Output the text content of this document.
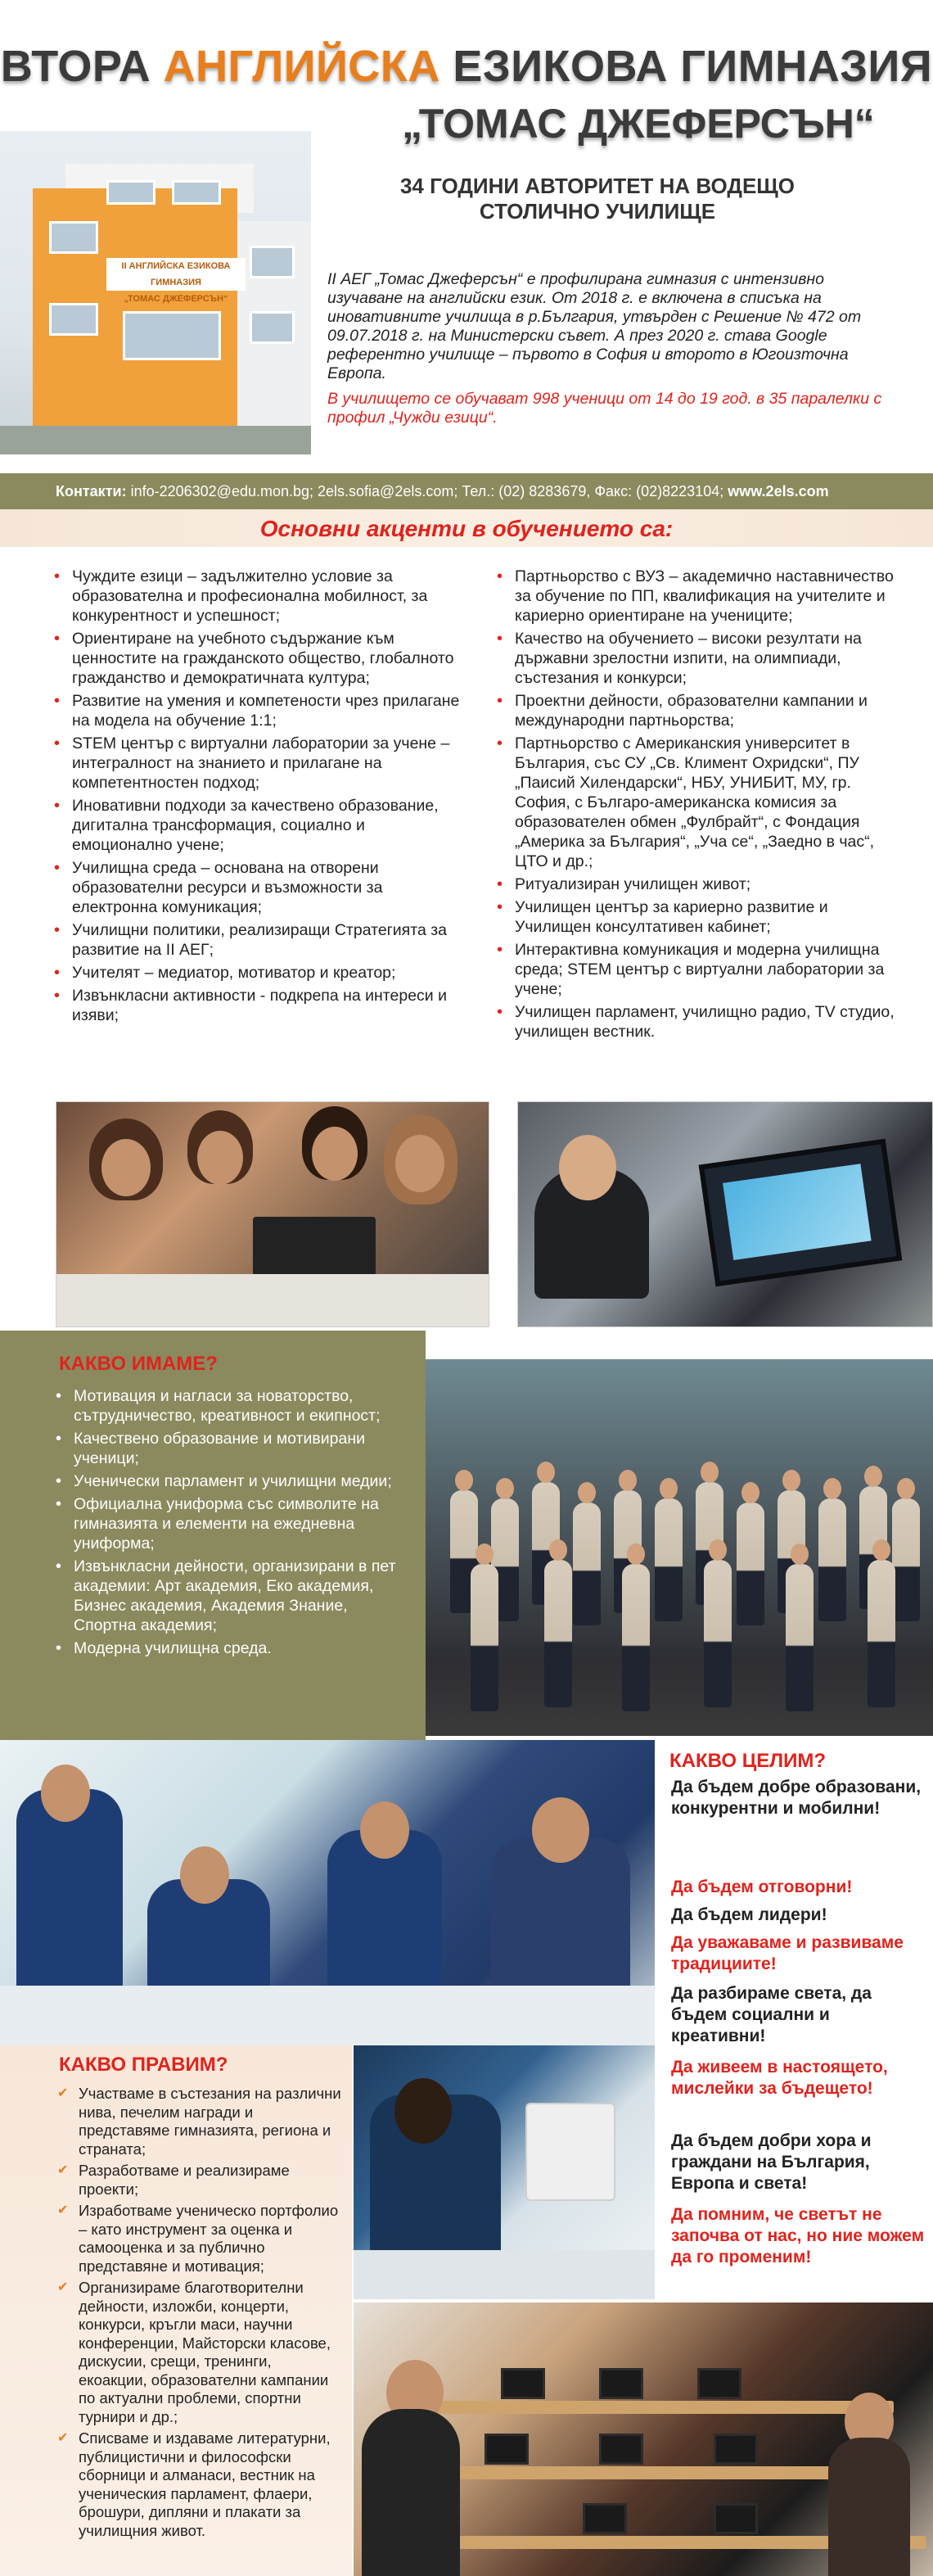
ВТОРА АНГЛИЙСКА ЕЗИКОВА ГИМНАЗИЯ
„ТОМАС ДЖЕФЕРСЪН“
II АНГЛИЙСКА ЕЗИКОВА ГИМНАЗИЯ
„ТОМАС ДЖЕФЕРСЪН“
34 ГОДИНИ АВТОРИТЕТ НА ВОДЕЩО
СТОЛИЧНО УЧИЛИЩЕ
II АЕГ „Томас Джеферсън“ е профилирана гимназия с интензивно изучаване на английски език. От 2018 г. е включена в списъка на иновативните училища в р.България, утвърден с Решение № 472 от 09.07.2018 г. на Министерски съвет. А през 2020 г. става Google референтно училище – първото в София и второто в Югоизточна Европа.
В училището се обучават 998 ученици от 14 до 19 год. в 35 паралелки с профил „Чужди езици“.
Контакти: info-2206302@edu.mon.bg; 2els.sofia@2els.com; Тел.: (02) 8283679, Факс: (02)8223104; www.2els.com
Основни акценти в обучението са:
• Чуждите езици – задължително условие за образователна и професионална мобилност, за конкурентност и успешност;
• Ориентиране на учебното съдържание към ценностите на гражданското общество, глобалното гражданство и демократичната култура;
• Развитие на умения и компетености чрез прилагане на модела на обучение 1:1;
• STEM център с виртуални лаборатории за учене – интегралност на знанието и прилагане на компетентностен подход;
• Иновативни подходи за качествено образование, дигитална трансформация, социално и емоционално учене;
• Училищна среда – основана на отворени образователни ресурси и възможности за електронна комуникация;
• Училищни политики, реализиращи Стратегията за развитие на II АЕГ;
• Учителят – медиатор, мотиватор и креатор;
• Извънкласни активности - подкрепа на интереси и изяви;
• Партньорство с ВУЗ – академично наставничество за обучение по ПП, квалификация на учителите и кариерно ориентиране на учениците;
• Качество на обучението – високи резултати на държавни зрелостни изпити, на олимпиади, състезания и конкурси;
• Проектни дейности, образователни кампании и международни партньорства;
• Партньорство с Американския университет в България, със СУ „Св. Климент Охридски“, ПУ „Паисий Хилендарски“, НБУ, УНИБИТ, МУ, гр. София, с Българо-американска комисия за образователен обмен „Фулбрайт“, с Фондация „Америка за България“, „Уча се“, „Заедно в час“, ЦТО и др.;
• Ритуализиран училищен живот;
• Училищен център за кариерно развитие и Училищен консултативен кабинет;
• Интерактивна комуникация и модерна училищна среда; STEM център с виртуални лаборатории за учене;
• Училищен парламент, училищно радио, TV студио, училищен вестник.
КАКВО ИМАМЕ?
• Мотивация и нагласи за новаторство, сътрудничество, креативност и екипност;
• Качествено образование и мотивирани ученици;
• Ученически парламент и училищни медии;
• Официална униформа със символите на гимназията и елементи на ежедневна униформа;
• Извънкласни дейности, организирани в пет академии: Арт академия, Еко академия, Бизнес академия, Академия Знание, Спортна академия;
• Модерна училищна среда.
КАКВО ЦЕЛИМ?
Да бъдем добре образовани, конкурентни и мобилни!
Да бъдем отговорни!
Да бъдем лидери!
Да уважаваме и развиваме традициите!
Да разбираме света, да бъдем социални и креативни!
Да живеем в настоящето, мислейки за бъдещето!
Да бъдем добри хора и граждани на България, Европа и света!
Да помним, че светът не започва от нас, но ние можем да го променим!
КАКВО ПРАВИМ?
✔ Участваме в състезания на различни нива, печелим награди и представяме гимназията, региона и страната;
✔ Разработваме и реализираме проекти;
✔ Изработваме ученическо портфолио – като инструмент за оценка и самооценка и за публично представяне и мотивация;
✔ Организираме благотворителни дейности, изложби, концерти, конкурси, кръгли маси, научни конференции, Майсторски класове, дискусии, срещи, тренинги, екоакции, образователни кампании по актуални проблеми, спортни турнири и др.;
✔ Списваме и издаваме литературни, публицистични и философски сборници и алманаси, вестник на ученическия парламент, флаери, брошури, дипляни и плакати за училищния живот.
